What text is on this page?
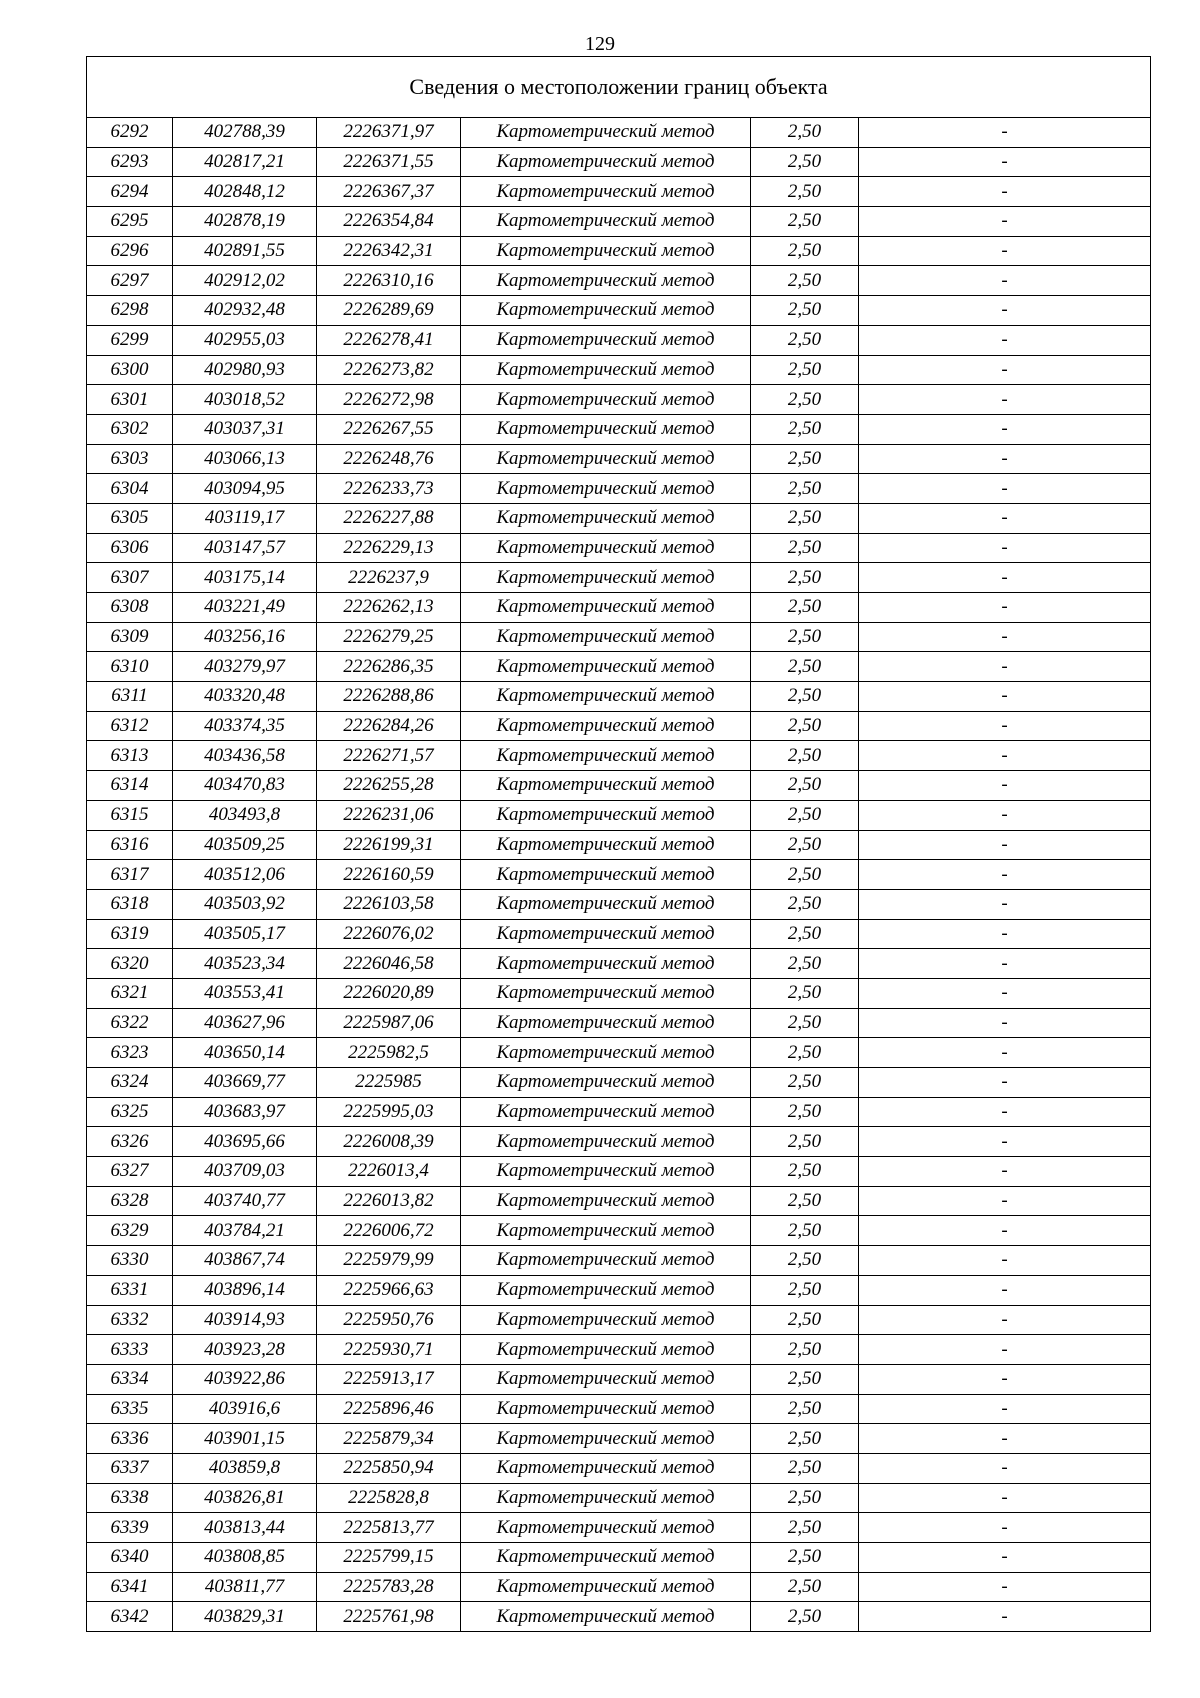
129
Сведения о местоположении границ объекта					
6292	402788,39	2226371,97	Картометрический метод	2,50	-
6293	402817,21	2226371,55	Картометрический метод	2,50	-
6294	402848,12	2226367,37	Картометрический метод	2,50	-
6295	402878,19	2226354,84	Картометрический метод	2,50	-
6296	402891,55	2226342,31	Картометрический метод	2,50	-
6297	402912,02	2226310,16	Картометрический метод	2,50	-
6298	402932,48	2226289,69	Картометрический метод	2,50	-
6299	402955,03	2226278,41	Картометрический метод	2,50	-
6300	402980,93	2226273,82	Картометрический метод	2,50	-
6301	403018,52	2226272,98	Картометрический метод	2,50	-
6302	403037,31	2226267,55	Картометрический метод	2,50	-
6303	403066,13	2226248,76	Картометрический метод	2,50	-
6304	403094,95	2226233,73	Картометрический метод	2,50	-
6305	403119,17	2226227,88	Картометрический метод	2,50	-
6306	403147,57	2226229,13	Картометрический метод	2,50	-
6307	403175,14	2226237,9	Картометрический метод	2,50	-
6308	403221,49	2226262,13	Картометрический метод	2,50	-
6309	403256,16	2226279,25	Картометрический метод	2,50	-
6310	403279,97	2226286,35	Картометрический метод	2,50	-
6311	403320,48	2226288,86	Картометрический метод	2,50	-
6312	403374,35	2226284,26	Картометрический метод	2,50	-
6313	403436,58	2226271,57	Картометрический метод	2,50	-
6314	403470,83	2226255,28	Картометрический метод	2,50	-
6315	403493,8	2226231,06	Картометрический метод	2,50	-
6316	403509,25	2226199,31	Картометрический метод	2,50	-
6317	403512,06	2226160,59	Картометрический метод	2,50	-
6318	403503,92	2226103,58	Картометрический метод	2,50	-
6319	403505,17	2226076,02	Картометрический метод	2,50	-
6320	403523,34	2226046,58	Картометрический метод	2,50	-
6321	403553,41	2226020,89	Картометрический метод	2,50	-
6322	403627,96	2225987,06	Картометрический метод	2,50	-
6323	403650,14	2225982,5	Картометрический метод	2,50	-
6324	403669,77	2225985	Картометрический метод	2,50	-
6325	403683,97	2225995,03	Картометрический метод	2,50	-
6326	403695,66	2226008,39	Картометрический метод	2,50	-
6327	403709,03	2226013,4	Картометрический метод	2,50	-
6328	403740,77	2226013,82	Картометрический метод	2,50	-
6329	403784,21	2226006,72	Картометрический метод	2,50	-
6330	403867,74	2225979,99	Картометрический метод	2,50	-
6331	403896,14	2225966,63	Картометрический метод	2,50	-
6332	403914,93	2225950,76	Картометрический метод	2,50	-
6333	403923,28	2225930,71	Картометрический метод	2,50	-
6334	403922,86	2225913,17	Картометрический метод	2,50	-
6335	403916,6	2225896,46	Картометрический метод	2,50	-
6336	403901,15	2225879,34	Картометрический метод	2,50	-
6337	403859,8	2225850,94	Картометрический метод	2,50	-
6338	403826,81	2225828,8	Картометрический метод	2,50	-
6339	403813,44	2225813,77	Картометрический метод	2,50	-
6340	403808,85	2225799,15	Картометрический метод	2,50	-
6341	403811,77	2225783,28	Картометрический метод	2,50	-
6342	403829,31	2225761,98	Картометрический метод	2,50	-
